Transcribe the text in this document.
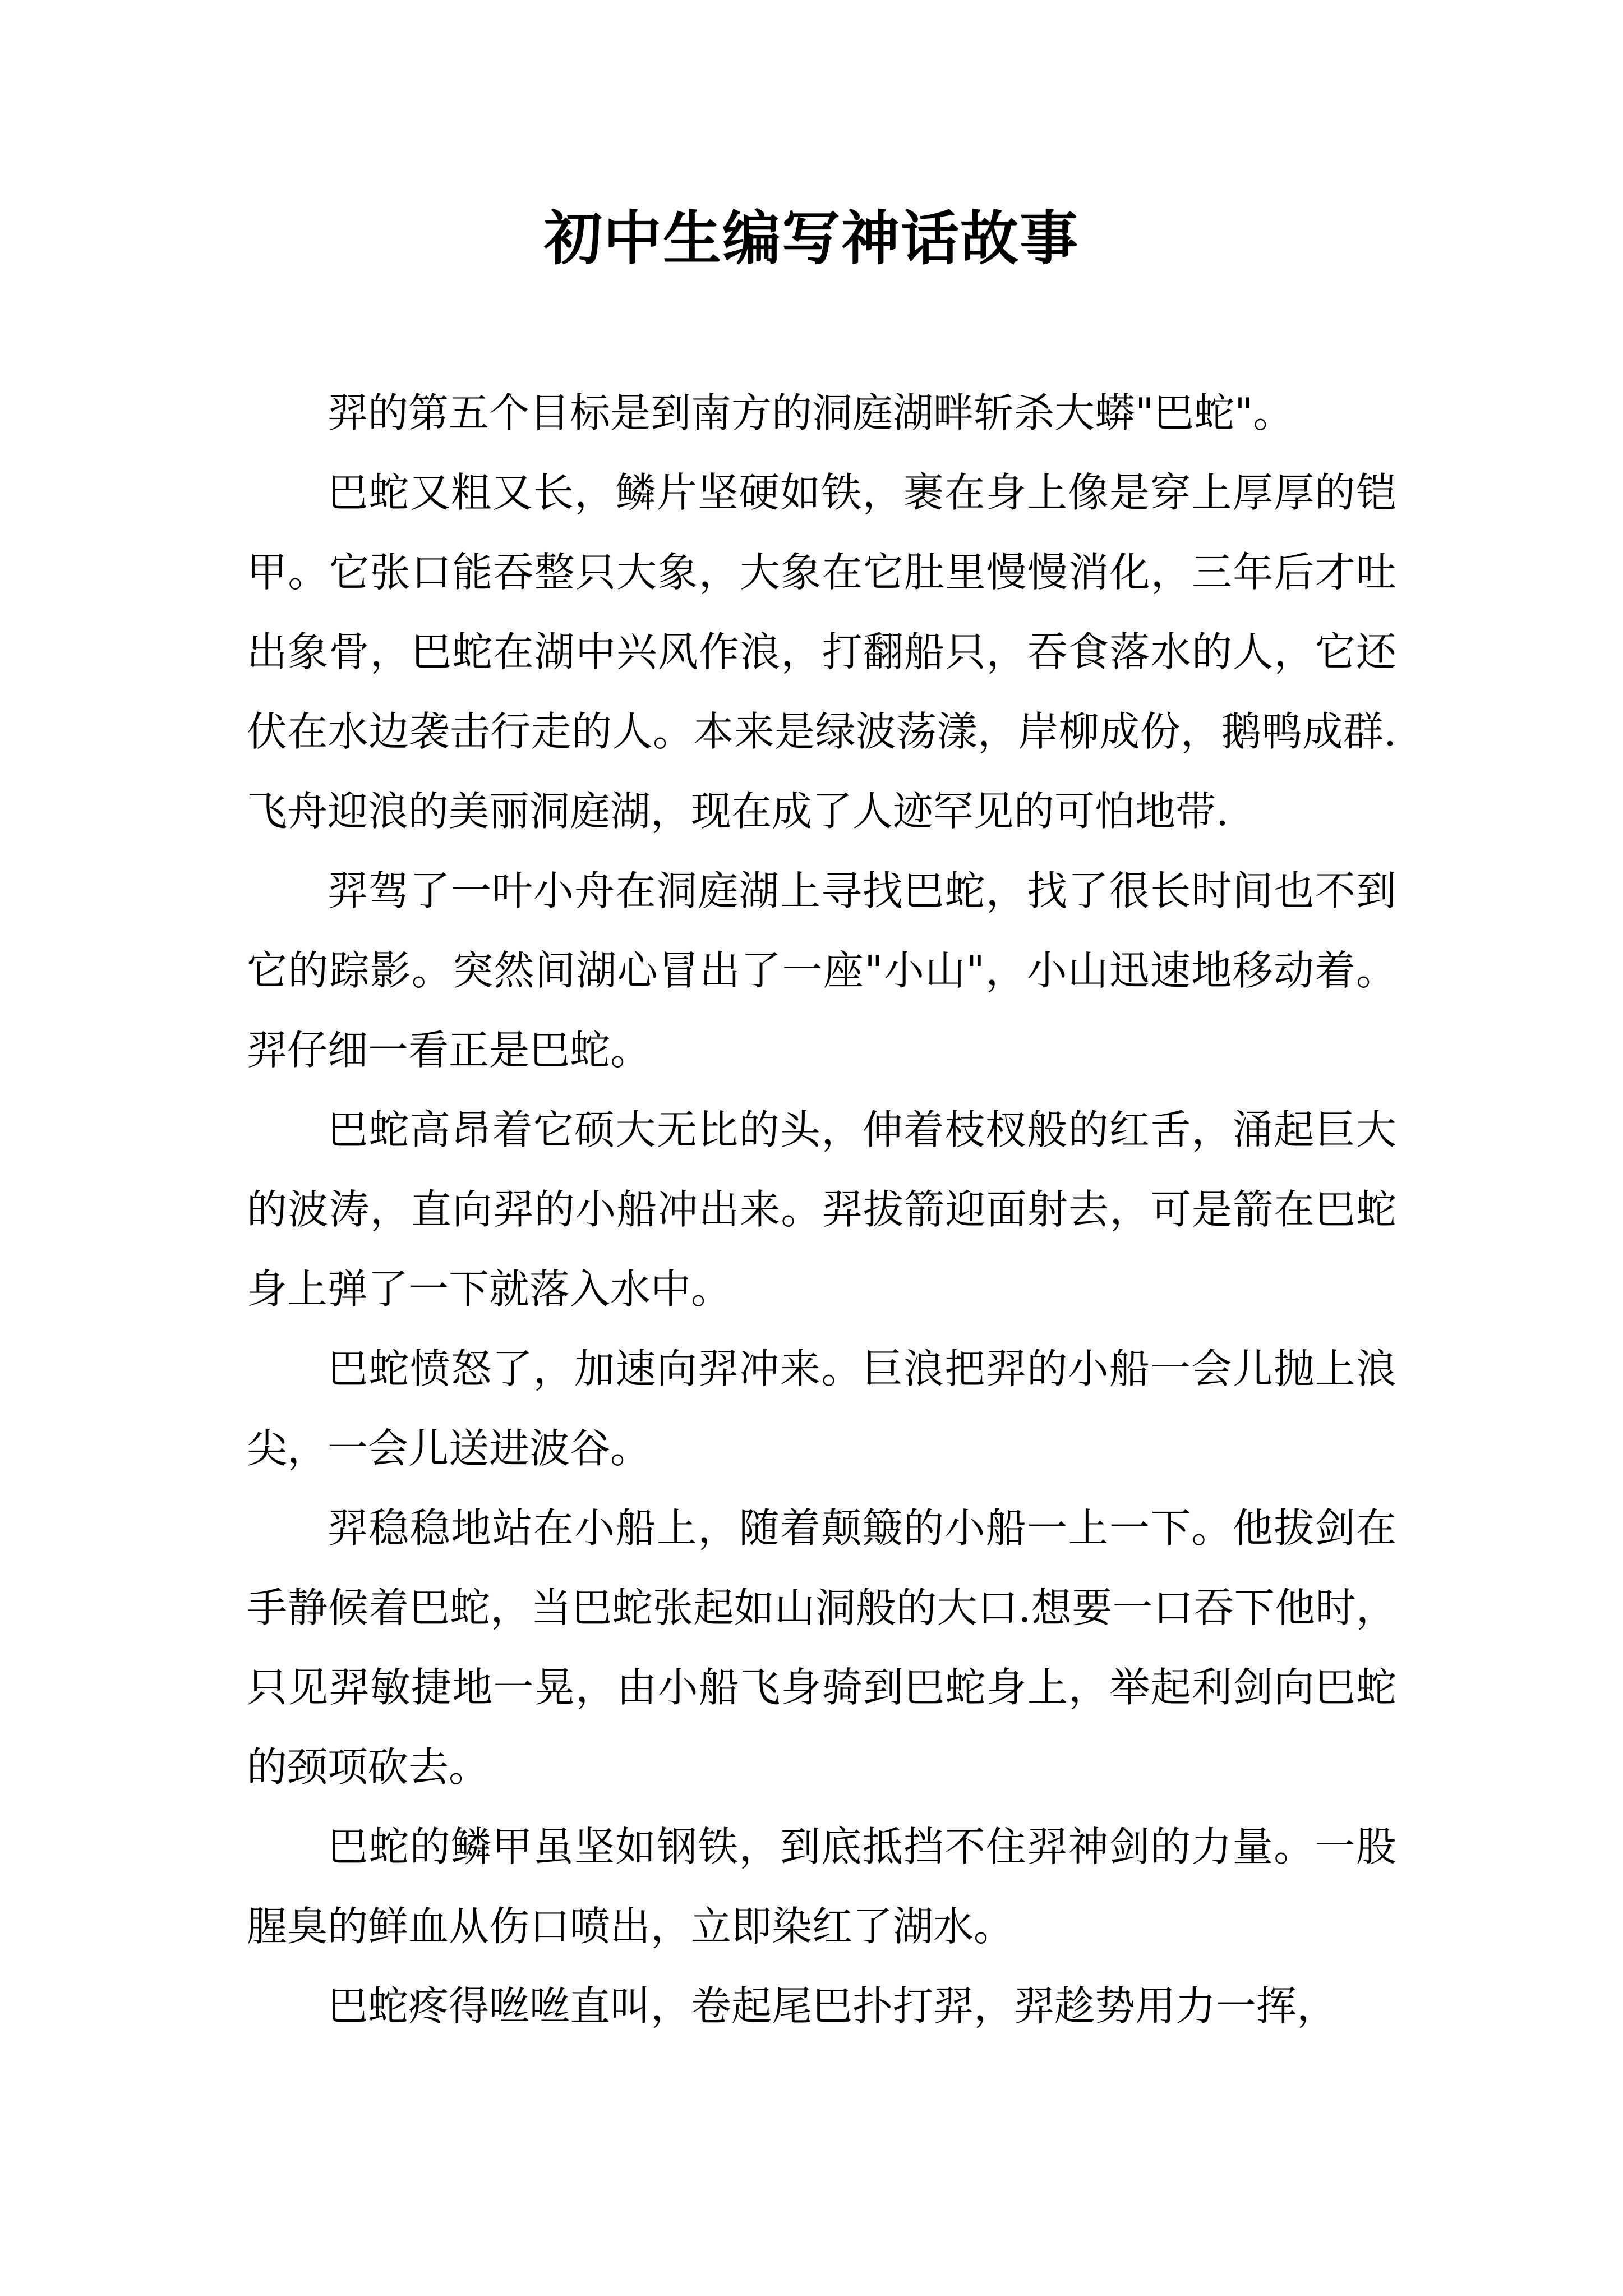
初中生编写神话故事

羿的第五个目标是到南方的洞庭湖畔斩杀大蟒"巴蛇"。

巴蛇又粗又长，鳞片坚硬如铁，裹在身上像是穿上厚厚的铠甲。它张口能吞整只大象，大象在它肚里慢慢消化，三年后才吐出象骨，巴蛇在湖中兴风作浪，打翻船只，吞食落水的人，它还伏在水边袭击行走的人。本来是绿波荡漾，岸柳成份，鹅鸭成群.飞舟迎浪的美丽洞庭湖，现在成了人迹罕见的可怕地带.

羿驾了一叶小舟在洞庭湖上寻找巴蛇，找了很长时间也不到它的踪影。突然间湖心冒出了一座"小山"，小山迅速地移动着。羿仔细一看正是巴蛇。

巴蛇高昂着它硕大无比的头，伸着枝杈般的红舌，涌起巨大的波涛，直向羿的小船冲出来。羿拔箭迎面射去，可是箭在巴蛇身上弹了一下就落入水中。

巴蛇愤怒了，加速向羿冲来。巨浪把羿的小船一会儿抛上浪尖，一会儿送进波谷。

羿稳稳地站在小船上，随着颠簸的小船一上一下。他拔剑在手静候着巴蛇，当巴蛇张起如山洞般的大口.想要一口吞下他时，只见羿敏捷地一晃，由小船飞身骑到巴蛇身上，举起利剑向巴蛇的颈项砍去。

巴蛇的鳞甲虽坚如钢铁，到底抵挡不住羿神剑的力量。一股腥臭的鲜血从伤口喷出，立即染红了湖水。

巴蛇疼得咝咝直叫，卷起尾巴扑打羿，羿趁势用力一挥，
